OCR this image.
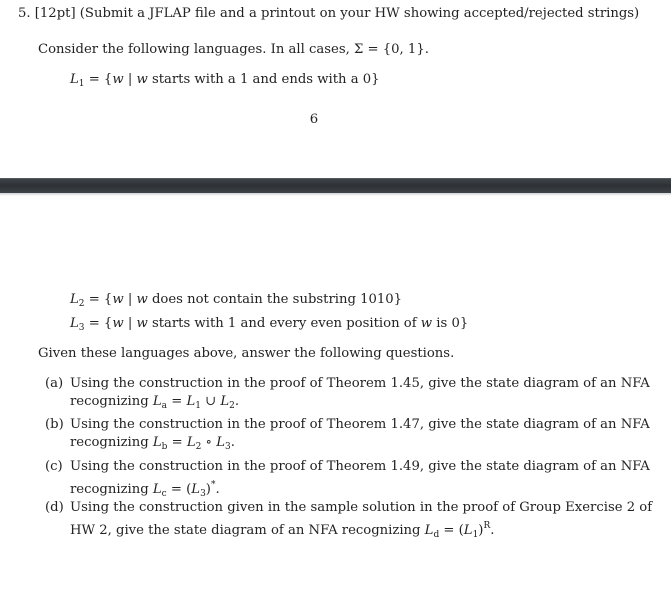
5. [12pt] (Submit a JFLAP file and a printout on your HW showing accepted/rejected strings)
Consider the following languages. In all cases, Σ = {0, 1}.
$L_1 = \{w$ | w starts with a 1 and ends with a 0}
6
$L_2 = \{w$ | w does not contain the substring 1010}
$L_3 = \{w$ | w starts with 1 and every even position of w is 0}
Given these languages above, answer the following questions.
(a) Using the construction in the proof of Theorem 1.45, give the state diagram of an NFA
recognizing $L_a = L_1$ ∪ $L_2$.
(b) Using the construction in the proof of Theorem 1.47, give the state diagram of an NFA
recognizing $L_b = L_2$ ∘ $L_3$.
(c) Using the construction in the proof of Theorem 1.49, give the state diagram of an NFA
recognizing $L_c = (L_3)^*$.
(d) Using the construction given in the sample solution in the proof of Group Exercise 2 of
HW 2, give the state diagram of an NFA recognizing $L_d = (L_1)^R$.
